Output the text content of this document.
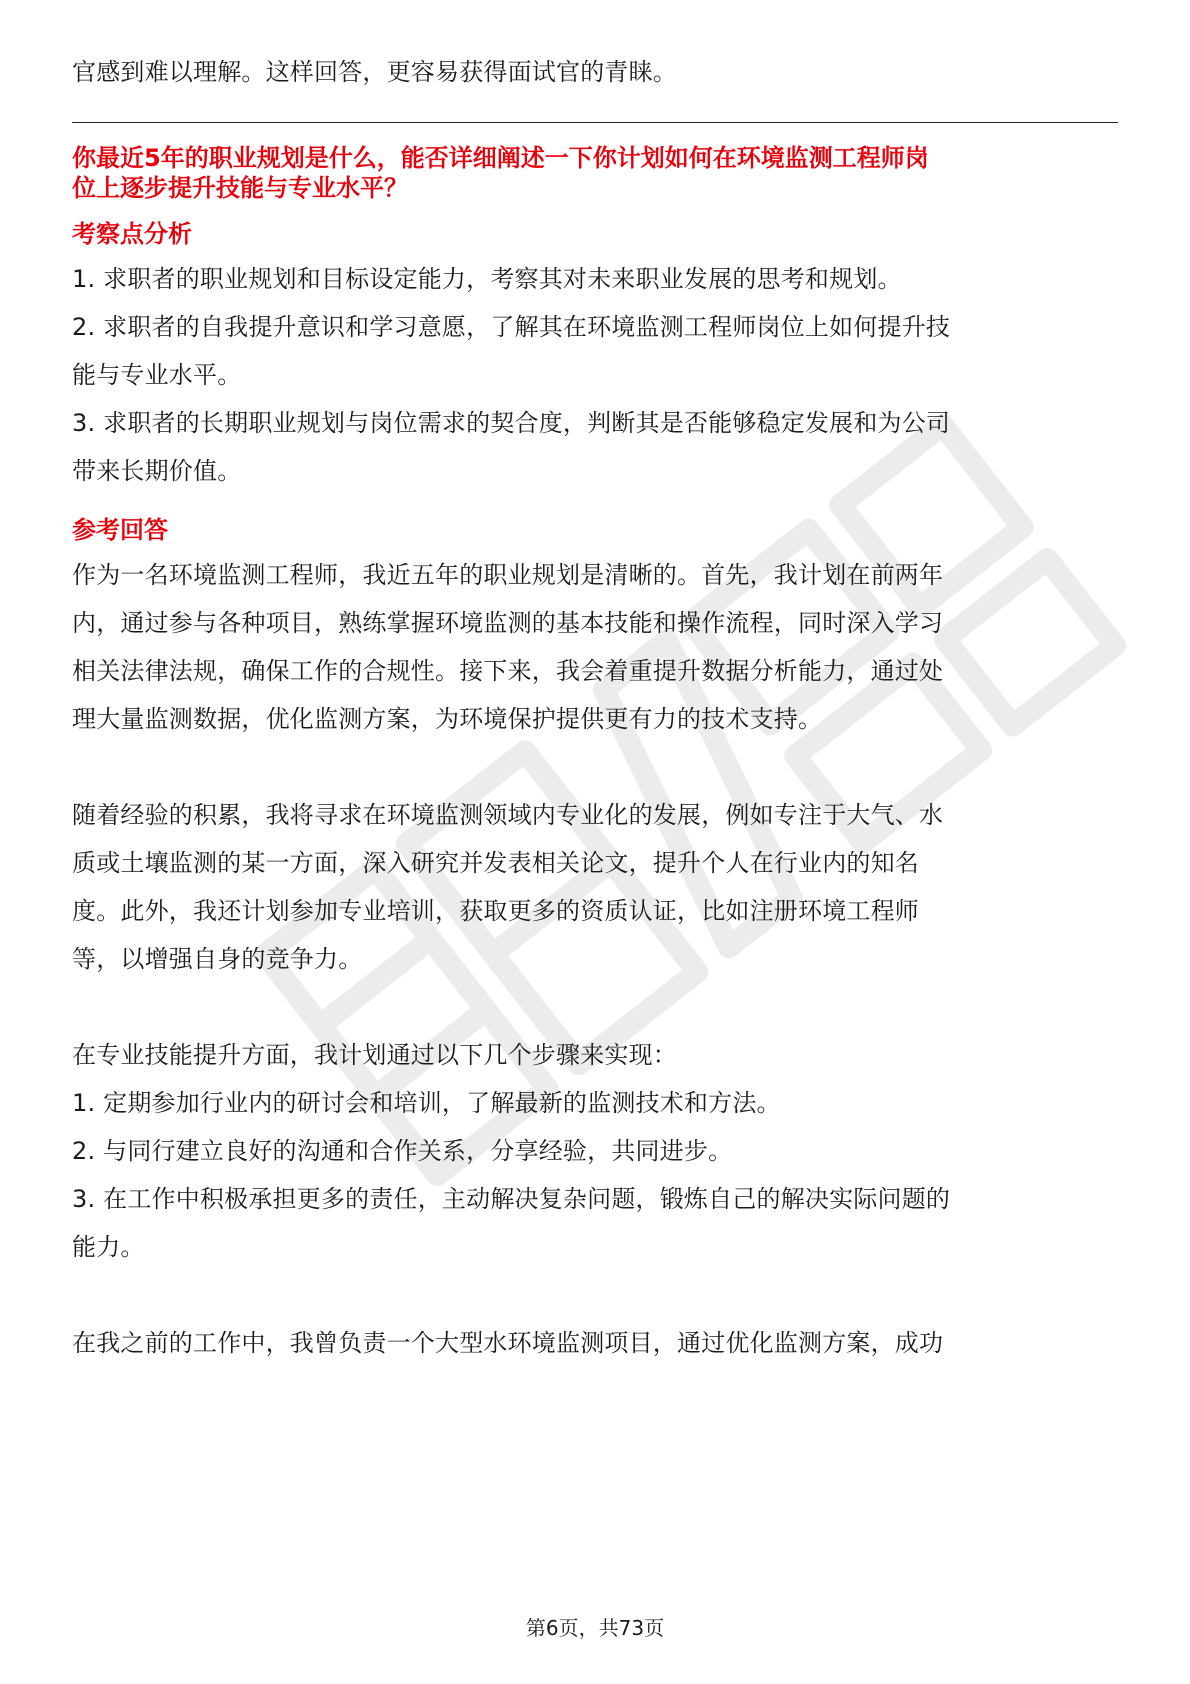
官感到难以理解。这样回答，更容易获得面试官的青睐。

你最近5年的职业规划是什么，能否详细阐述一下你计划如何在环境监测工程师岗
位上逐步提升技能与专业水平？
考察点分析

1. 求职者的职业规划和目标设定能力，考察其对未来职业发展的思考和规划。

2. 求职者的自我提升意识和学习意愿，了解其在环境监测工程师岗位上如何提升技

能与专业水平。

3. 求职者的长期职业规划与岗位需求的契合度，判断其是否能够稳定发展和为公司

带来长期价值。

参考回答

作为一名环境监测工程师，我近五年的职业规划是清晰的。首先，我计划在前两年

内，通过参与各种项目，熟练掌握环境监测的基本技能和操作流程，同时深入学习

相关法律法规，确保工作的合规性。接下来，我会着重提升数据分析能力，通过处

理大量监测数据，优化监测方案，为环境保护提供更有力的技术支持。

随着经验的积累，我将寻求在环境监测领域内专业化的发展，例如专注于大气、水

质或土壤监测的某一方面，深入研究并发表相关论文，提升个人在行业内的知名

度。此外，我还计划参加专业培训，获取更多的资质认证，比如注册环境工程师

等，以增强自身的竞争力。

在专业技能提升方面，我计划通过以下几个步骤来实现：

1. 定期参加行业内的研讨会和培训，了解最新的监测技术和方法。

2. 与同行建立良好的沟通和合作关系，分享经验，共同进步。

3. 在工作中积极承担更多的责任，主动解决复杂问题，锻炼自己的解决实际问题的

能力。

在我之前的工作中，我曾负责一个大型水环境监测项目，通过优化监测方案，成功

第6页，共73页
